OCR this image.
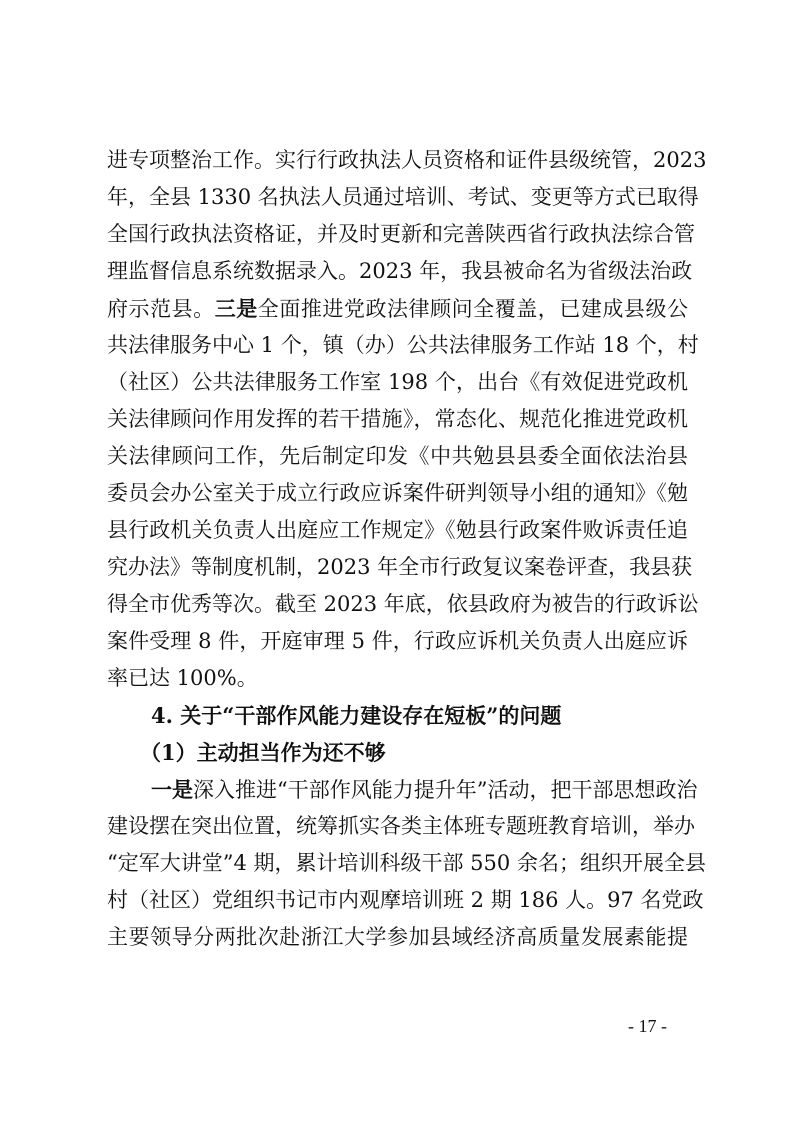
进专项整治工作。实行行政执法人员资格和证件县级统管，2023
年，全县 1330 名执法人员通过培训、考试、变更等方式已取得
全国行政执法资格证，并及时更新和完善陕西省行政执法综合管
理监督信息系统数据录入。2023 年，我县被命名为省级法治政
府示范县。三是全面推进党政法律顾问全覆盖，已建成县级公
共法律服务中心 1 个，镇（办）公共法律服务工作站 18 个，村
（社区）公共法律服务工作室 198 个，出台《有效促进党政机
关法律顾问作用发挥的若干措施》，常态化、规范化推进党政机
关法律顾问工作，先后制定印发《中共勉县县委全面依法治县
委员会办公室关于成立行政应诉案件研判领导小组的通知》《勉
县行政机关负责人出庭应工作规定》《勉县行政案件败诉责任追
究办法》等制度机制，2023 年全市行政复议案卷评查，我县获
得全市优秀等次。截至 2023 年底，依县政府为被告的行政诉讼
案件受理 8 件，开庭审理 5 件，行政应诉机关负责人出庭应诉
率已达 100%。
4. 关于“干部作风能力建设存在短板”的问题
（1）主动担当作为还不够
一是深入推进“干部作风能力提升年”活动，把干部思想政治
建设摆在突出位置，统筹抓实各类主体班专题班教育培训，举办
“定军大讲堂”4 期，累计培训科级干部 550 余名；组织开展全县
村（社区）党组织书记市内观摩培训班 2 期 186 人。97 名党政
主要领导分两批次赴浙江大学参加县域经济高质量发展素能提
- 17 -
